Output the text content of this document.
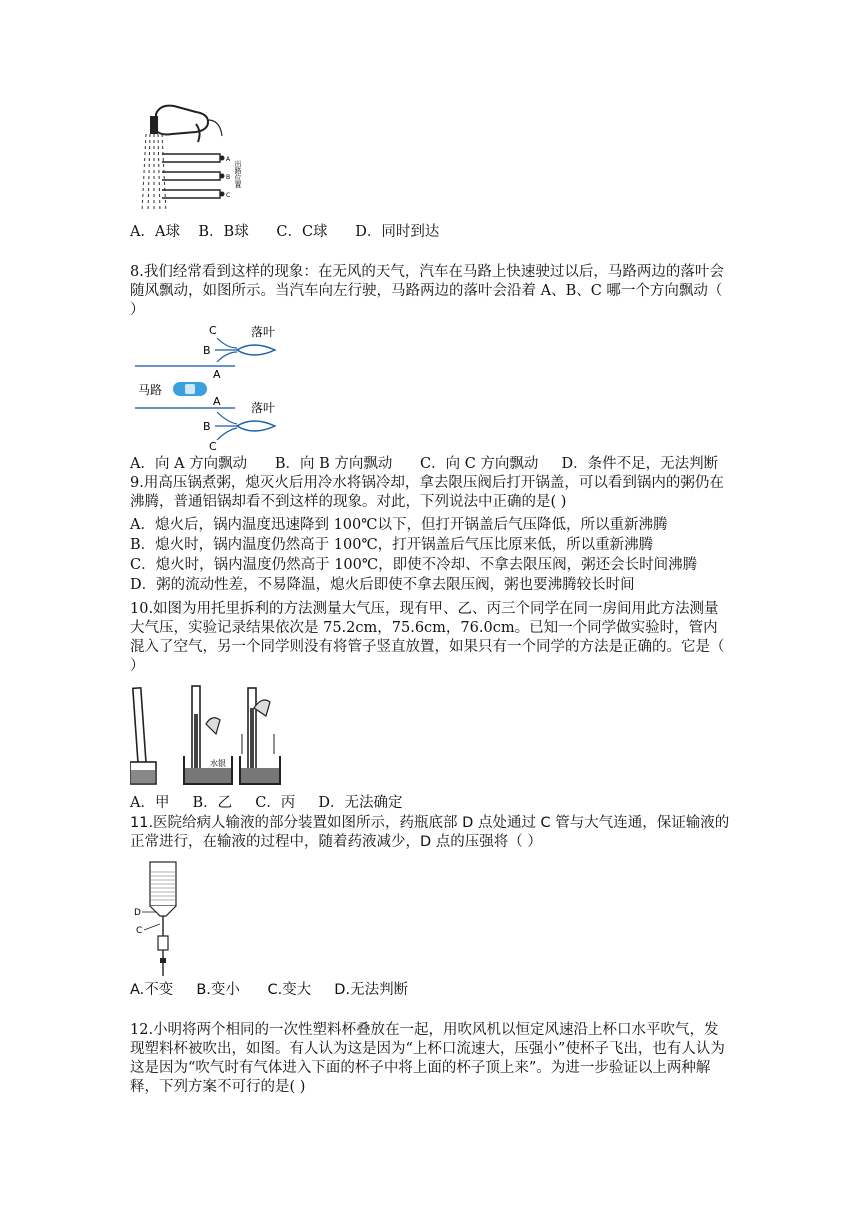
A
B
C
出路位置
A．A球    B．B球      C．C球      D．同时到达
8.我们经常看到这样的现象：在无风的天气，汽车在马路上快速驶过以后，马路两边的落叶会随风飘动，如图所示。当汽车向左行驶，马路两边的落叶会沿着 A、B、C 哪一个方向飘动（ ）
马路
C
B
A
落叶
A
B
C
落叶
A．向 A 方向飘动      B．向 B 方向飘动      C．向 C 方向飘动     D．条件不足，无法判断
9.用高压锅煮粥，熄灭火后用冷水将锅冷却，拿去限压阀后打开锅盖，可以看到锅内的粥仍在沸腾，普通铝锅却看不到这样的现象。对此，下列说法中正确的是( )
A．熄火后，锅内温度迅速降到 100℃以下，但打开锅盖后气压降低，所以重新沸腾
B．熄火时，锅内温度仍然高于 100℃，打开锅盖后气压比原来低，所以重新沸腾
C．熄火时，锅内温度仍然高于 100℃，即使不冷却、不拿去限压阀，粥还会长时间沸腾
D．粥的流动性差，不易降温，熄火后即使不拿去限压阀，粥也要沸腾较长时间
10.如图为用托里拆利的方法测量大气压，现有甲、乙、丙三个同学在同一房间用此方法测量大气压，实验记录结果依次是 75.2cm，75.6cm，76.0cm。已知一个同学做实验时，管内混入了空气，另一个同学则没有将管子竖直放置，如果只有一个同学的方法是正确的。它是（ ）
水银
A．甲     B．乙     C．丙     D．无法确定
11.医院给病人输液的部分装置如图所示，药瓶底部 D 点处通过 C 管与大气连通，保证输液的正常进行，在输液的过程中，随着药液减少，D 点的压强将（ ）
D
C
A.不变     B.变小      C.变大     D.无法判断
12.小明将两个相同的一次性塑料杯叠放在一起，用吹风机以恒定风速沿上杯口水平吹气，发现塑料杯被吹出，如图。有人认为这是因为“上杯口流速大，压强小”使杯子飞出，也有人认为这是因为“吹气时有气体进入下面的杯子中将上面的杯子顶上来”。为进一步验证以上两种解释，下列方案不可行的是( )
